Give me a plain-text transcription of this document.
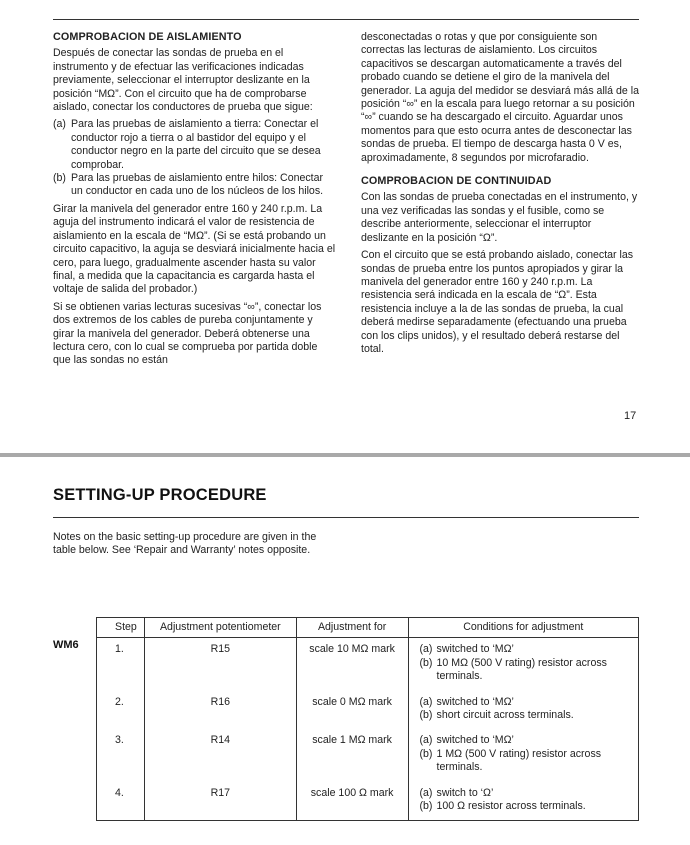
COMPROBACION DE AISLAMIENTO

Después de conectar las sondas de prueba en el instrumento y de efectuar las verificaciones indicadas previamente, seleccionar el interruptor deslizante en la posición “MΩ”. Con el circuito que ha de comprobarse aislado, conectar los conductores de prueba que sigue:

(a) Para las pruebas de aislamiento a tierra: Conectar el conductor rojo a tierra o al bastidor del equipo y el conductor negro en la parte del circuito que se desea comprobar.
(b) Para las pruebas de aislamiento entre hilos: Conectar un conductor en cada uno de los núcleos de los hilos.

Girar la manivela del generador entre 160 y 240 r.p.m. La aguja del instrumento indicará el valor de resistencia de aislamiento en la escala de “MΩ”. (Si se está probando un circuito capacitivo, la aguja se desviará inicialmente hacia el cero, para luego, gradualmente ascender hasta su valor final, a medida que la capacitancia es cargarda hasta el voltaje de salida del probador.)

Si se obtienen varias lecturas sucesivas “∞”, conectar los dos extremos de los cables de pureba conjuntamente y girar la manivela del generador. Deberá obtenerse una lectura cero, con lo cual se comprueba por partida doble que las sondas no están

desconectadas o rotas y que por consiguiente son correctas las lecturas de aislamiento. Los circuitos capacitivos se descargan automaticamente a través del probado cuando se detiene el giro de la manivela del generador. La aguja del medidor se desviará más allá de la posición “∞” en la escala para luego retornar a su posición “∞” cuando se ha descargado el circuito. Aguardar unos momentos para que esto ocurra antes de desconectar las sondas de prueba. El tiempo de descarga hasta 0 V es, aproximadamente, 8 segundos por microfaradio.

COMPROBACION DE CONTINUIDAD

Con las sondas de prueba conectadas en el instrumento, y una vez verificadas las sondas y el fusible, como se describe anteriormente, seleccionar el interruptor deslizante en la posición “Ω”.

Con el circuito que se está probando aislado, conectar las sondas de prueba entre los puntos apropiados y girar la manivela del generador entre 160 y 240 r.p.m. La resistencia será indicada en la escala de “Ω”. Esta resistencia incluye a la de las sondas de prueba, la cual deberá medirse separadamente (efectuando una prueba con los clips unidos), y el resultado deberá restarse del total.

17
SETTING-UP PROCEDURE
Notes on the basic setting-up procedure are given in the table below. See ‘Repair and Warranty’ notes opposite.
WM6
Step	Adjustment potentiometer	Adjustment for	Conditions for adjustment
1.	R15	scale 10 MΩ mark	(a) switched to ‘MΩ’
(b) 10 MΩ (500 V rating) resistor across terminals.

2.	R16	scale 0 MΩ mark	(a) switched to ‘MΩ’
(b) short circuit across terminals.

3.	R14	scale 1 MΩ mark	(a) switched to ‘MΩ’
(b) 1 MΩ (500 V rating) resistor across terminals.

4.	R17	scale 100 Ω mark	(a) switch to ‘Ω’
(b) 100 Ω resistor across terminals.
